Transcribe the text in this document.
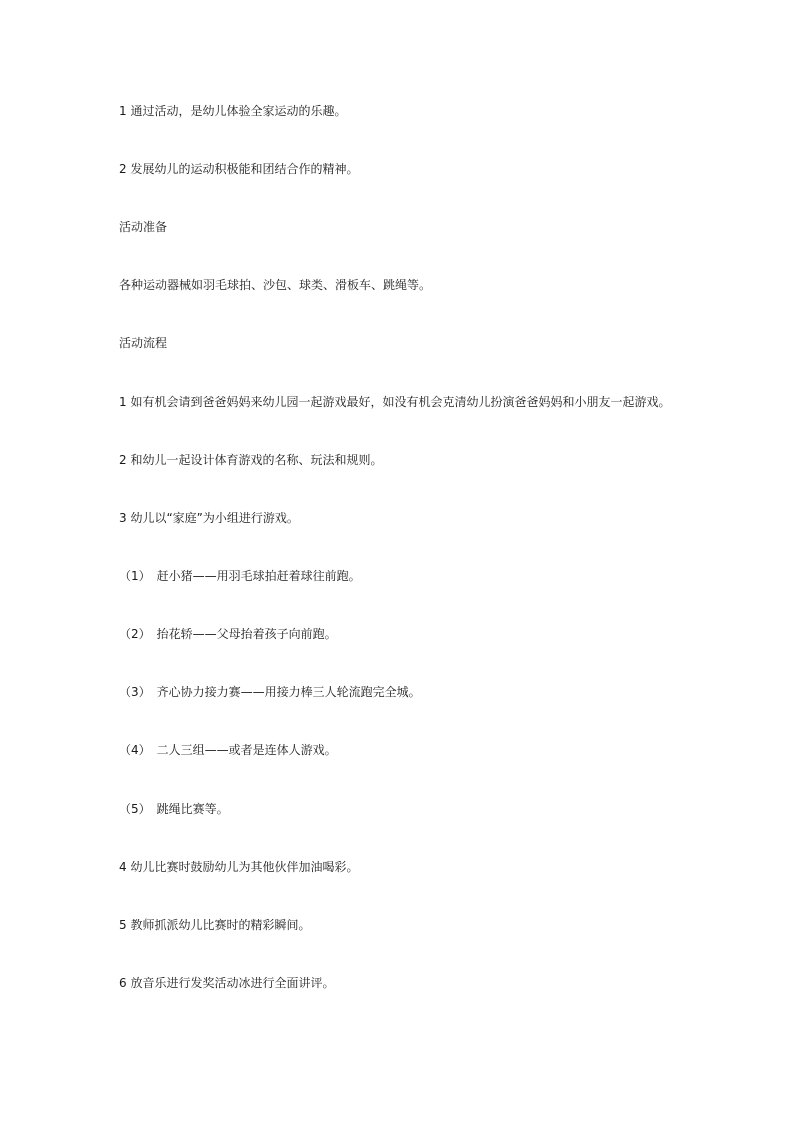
1 通过活动，是幼儿体验全家运动的乐趣。

2 发展幼儿的运动积极能和团结合作的精神。

活动准备

各种运动器械如羽毛球拍、沙包、球类、滑板车、跳绳等。

活动流程

1 如有机会请到爸爸妈妈来幼儿园一起游戏最好，如没有机会克清幼儿扮演爸爸妈妈和小朋友一起游戏。

2 和幼儿一起设计体育游戏的名称、玩法和规则。

3 幼儿以“家庭”为小组进行游戏。

（1）　赶小猪——用羽毛球拍赶着球往前跑。

（2）　抬花轿——父母抬着孩子向前跑。

（3）　齐心协力接力赛——用接力棒三人轮流跑完全城。

（4）　二人三组——或者是连体人游戏。

（5）　跳绳比赛等。

4 幼儿比赛时鼓励幼儿为其他伙伴加油喝彩。

5 教师抓派幼儿比赛时的精彩瞬间。

6 放音乐进行发奖活动冰进行全面讲评。
